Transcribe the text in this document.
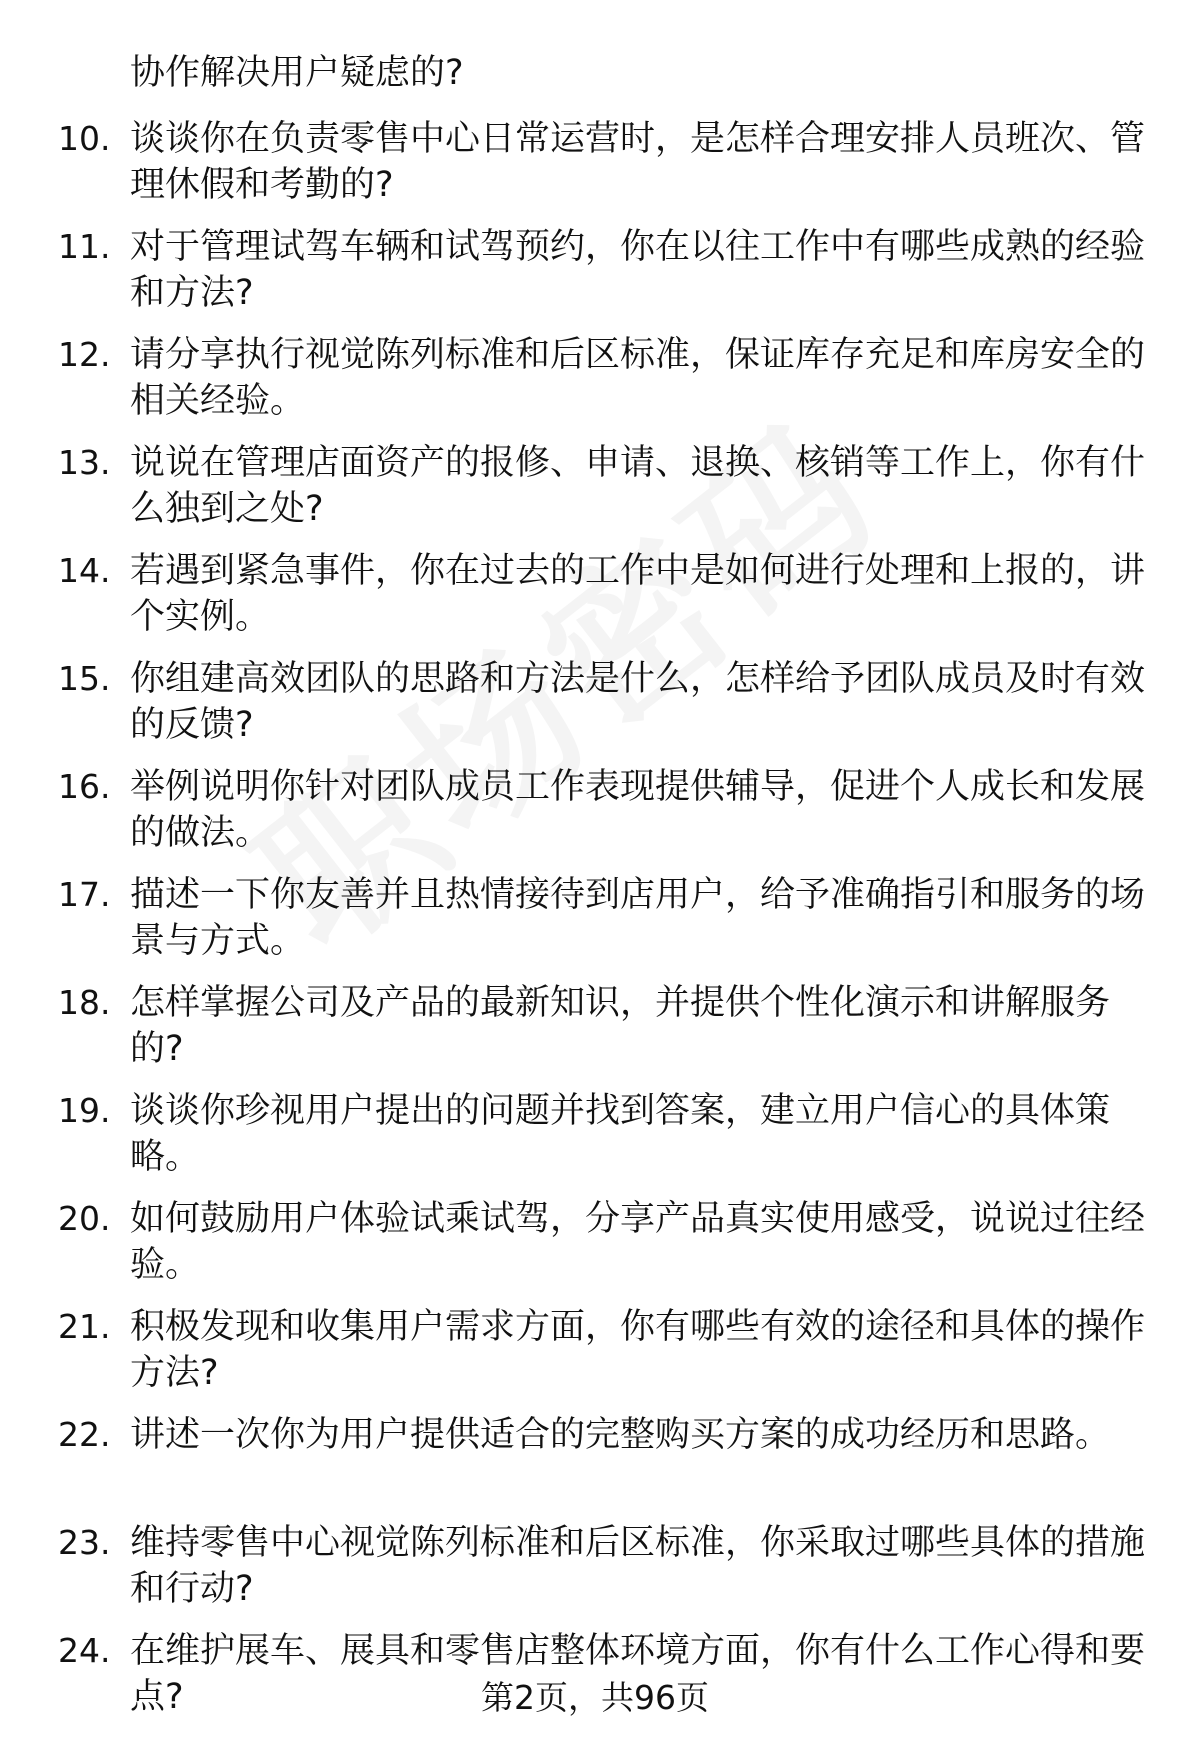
协作解决用户疑虑的?
10. 谈谈你在负责零售中心日常运营时，是怎样合理安排人员班次、管理休假和考勤的?
11. 对于管理试驾车辆和试驾预约，你在以往工作中有哪些成熟的经验和方法?
12. 请分享执行视觉陈列标准和后区标准，保证库存充足和库房安全的相关经验。
13. 说说在管理店面资产的报修、申请、退换、核销等工作上，你有什么独到之处?
14. 若遇到紧急事件，你在过去的工作中是如何进行处理和上报的，讲个实例。
15. 你组建高效团队的思路和方法是什么，怎样给予团队成员及时有效的反馈?
16. 举例说明你针对团队成员工作表现提供辅导，促进个人成长和发展的做法。
17. 描述一下你友善并且热情接待到店用户，给予准确指引和服务的场景与方式。
18. 怎样掌握公司及产品的最新知识，并提供个性化演示和讲解服务的?
19. 谈谈你珍视用户提出的问题并找到答案，建立用户信心的具体策略。
20. 如何鼓励用户体验试乘试驾，分享产品真实使用感受，说说过往经验。
21. 积极发现和收集用户需求方面，你有哪些有效的途径和具体的操作方法?
22. 讲述一次你为用户提供适合的完整购买方案的成功经历和思路。
23. 维持零售中心视觉陈列标准和后区标准，你采取过哪些具体的措施和行动?
24. 在维护展车、展具和零售店整体环境方面，你有什么工作心得和要点?	第2页，共96页
